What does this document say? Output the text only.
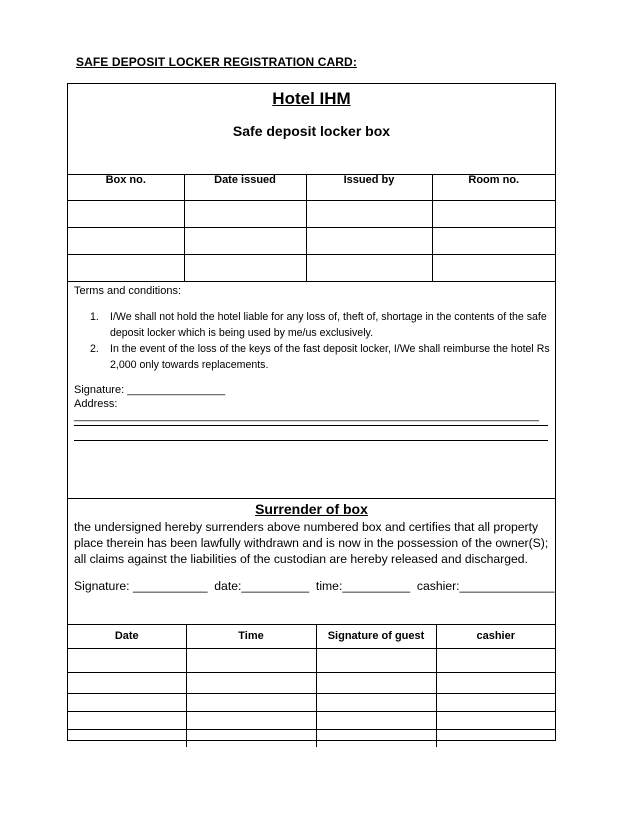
SAFE DEPOSIT LOCKER REGISTRATION CARD:
Hotel IHM
Safe deposit locker box
Box no.	Date issued	Issued by	Room no.

Terms and conditions:
1. I/We shall not hold the hotel liable for any loss of, theft of, shortage in the contents of the safe deposit locker which is being used by me/us exclusively.
2. In the event of the loss of the keys of the fast deposit locker, I/We shall reimburse the hotel Rs 2,000 only towards replacements.
Signature: ________________
Address: ____________________________________________________________________________
Surrender of box
the undersigned hereby surrenders above numbered box and certifies that all property place therein has been lawfully withdrawn and is now in the possession of the owner(S); all claims against the liabilities of the custodian are hereby released and discharged.
Signature: ___________  date:__________  time:__________  cashier:______________
Date	Time	Signature of guest	cashier
